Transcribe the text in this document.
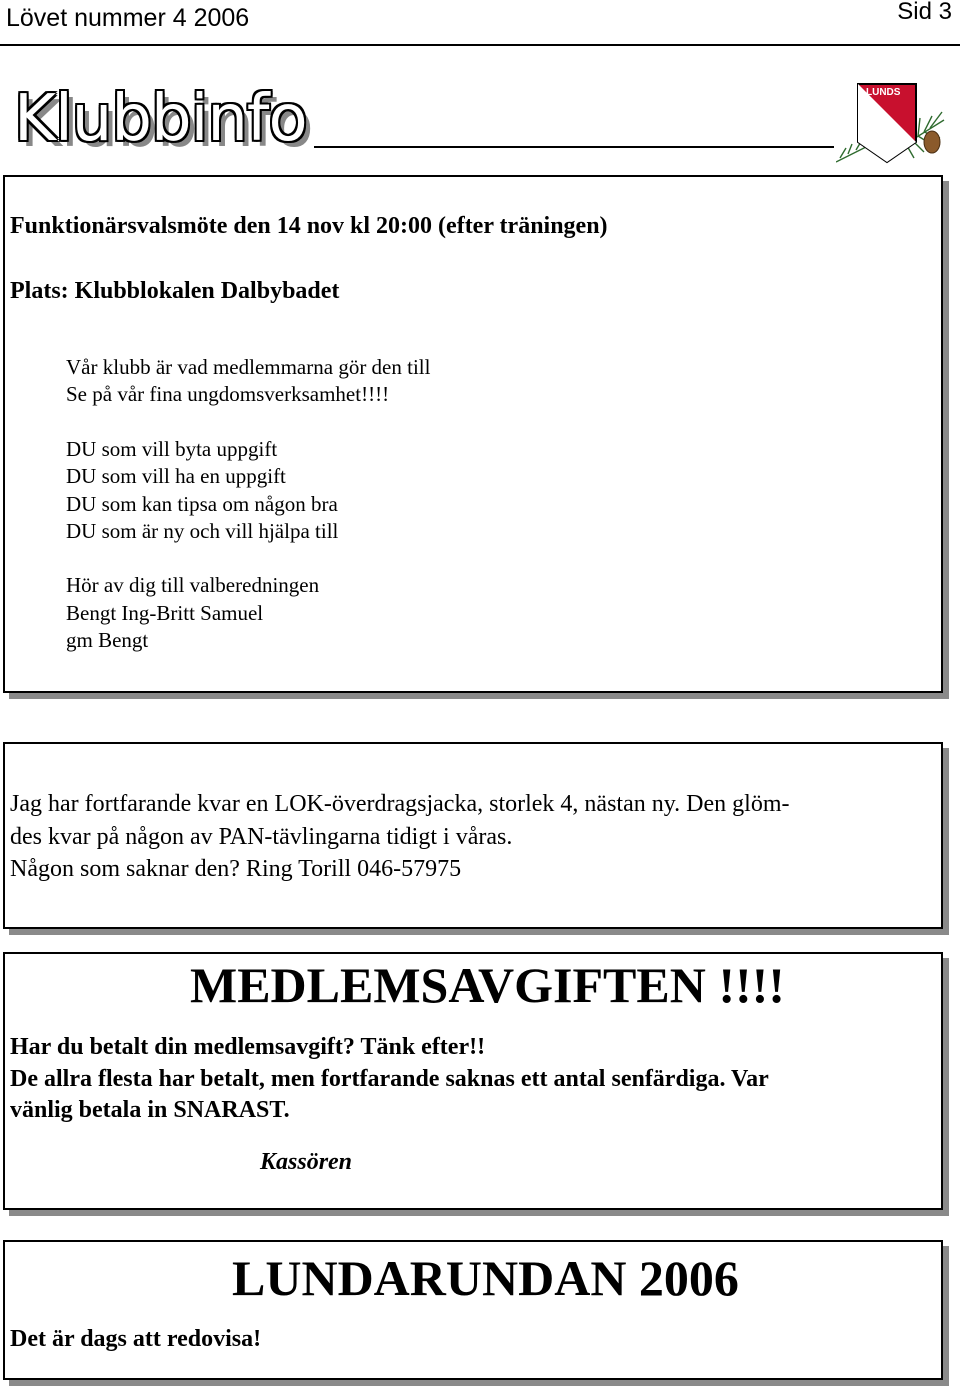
Lövet nummer 4 2006	Sid 3
Klubbinfo	LUNDS
OK
Funktionärsvalsmöte den 14 nov kl 20:00 (efter träningen)
Plats: Klubblokalen Dalbybadet
Vår klubb är vad medlemmarna gör den till
Se på vår fina ungdomsverksamhet!!!!
DU som vill byta uppgift
DU som vill ha en uppgift
DU som kan tipsa om någon bra
DU som är ny och vill hjälpa till
Hör av dig till valberedningen
Bengt Ing-Britt Samuel
gm Bengt
Jag har fortfarande kvar en LOK-överdragsjacka, storlek 4, nästan ny. Den glöm-
des kvar på någon av PAN-tävlingarna tidigt i våras.
Någon som saknar den? Ring Torill 046-57975
MEDLEMSAVGIFTEN !!!!
Har du betalt din medlemsavgift? Tänk efter!!
De allra flesta har betalt, men fortfarande saknas ett antal senfärdiga. Var
vänlig betala in SNARAST.
Kassören
LUNDARUNDAN 2006
Det är dags att redovisa!
